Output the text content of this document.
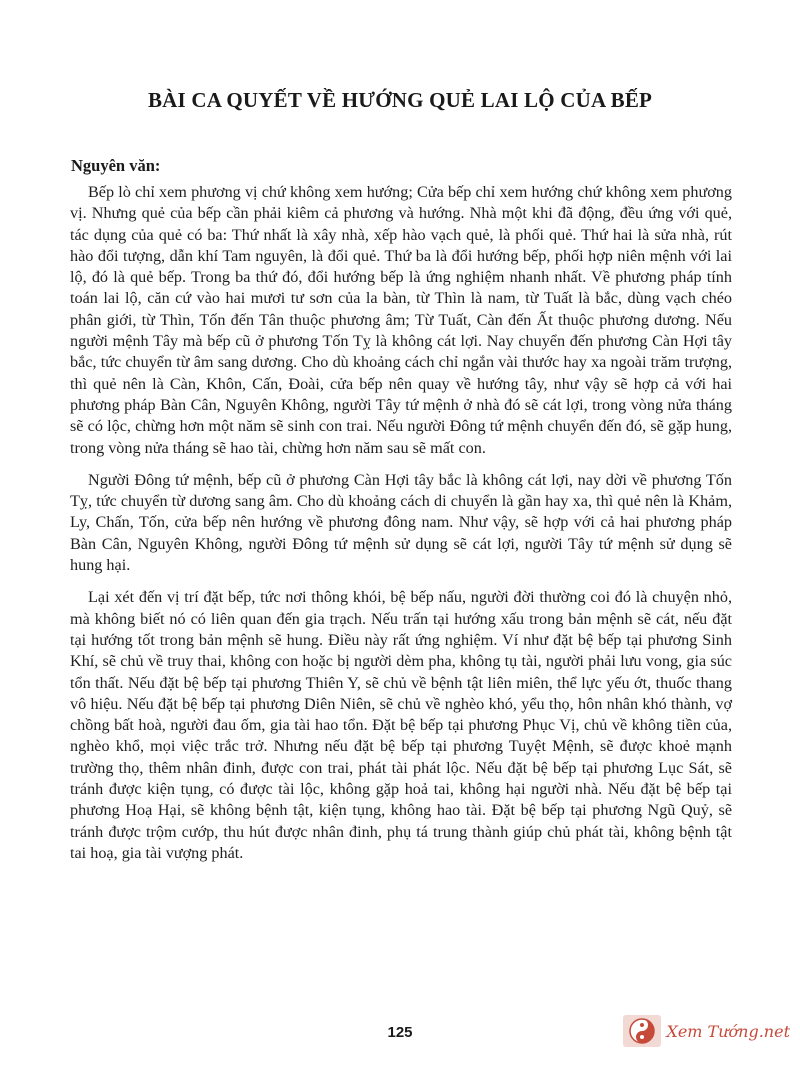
BÀI CA QUYẾT VỀ HƯỚNG QUẺ LAI LỘ CỦA BẾP
Nguyên văn:

Bếp lò chỉ xem phương vị chứ không xem hướng; Cửa bếp chỉ xem hướng chứ không xem phương vị. Nhưng quẻ của bếp cần phải kiêm cả phương và hướng. Nhà một khi đã động, đều ứng với quẻ, tác dụng của quẻ có ba: Thứ nhất là xây nhà, xếp hào vạch quẻ, là phối quẻ. Thứ hai là sửa nhà, rút hào đổi tượng, dẫn khí Tam nguyên, là đổi quẻ. Thứ ba là đổi hướng bếp, phối hợp niên mệnh với lai lộ, đó là quẻ bếp. Trong ba thứ đó, đổi hướng bếp là ứng nghiệm nhanh nhất. Về phương pháp tính toán lai lộ, căn cứ vào hai mươi tư sơn của la bàn, từ Thìn là nam, từ Tuất là bắc, dùng vạch chéo phân giới, từ Thìn, Tốn đến Tân thuộc phương âm; Từ Tuất, Càn đến Ất thuộc phương dương. Nếu người mệnh Tây mà bếp cũ ở phương Tốn Tỵ là không cát lợi. Nay chuyển đến phương Càn Hợi tây bắc, tức chuyển từ âm sang dương. Cho dù khoảng cách chỉ ngắn vài thước hay xa ngoài trăm trượng, thì quẻ nên là Càn, Khôn, Cấn, Đoài, cửa bếp nên quay về hướng tây, như vậy sẽ hợp cả với hai phương pháp Bàn Cân, Nguyên Không, người Tây tứ mệnh ở nhà đó sẽ cát lợi, trong vòng nửa tháng sẽ có lộc, chừng hơn một năm sẽ sinh con trai. Nếu người Đông tứ mệnh chuyển đến đó, sẽ gặp hung, trong vòng nửa tháng sẽ hao tài, chừng hơn năm sau sẽ mất con.

Người Đông tứ mệnh, bếp cũ ở phương Càn Hợi tây bắc là không cát lợi, nay dời về phương Tốn Tỵ, tức chuyển từ dương sang âm. Cho dù khoảng cách di chuyển là gần hay xa, thì quẻ nên là Khảm, Ly, Chấn, Tốn, cửa bếp nên hướng về phương đông nam. Như vậy, sẽ hợp với cả hai phương pháp Bàn Cân, Nguyên Không, người Đông tứ mệnh sử dụng sẽ cát lợi, người Tây tứ mệnh sử dụng sẽ hung hại.

Lại xét đến vị trí đặt bếp, tức nơi thông khói, bệ bếp nấu, người đời thường coi đó là chuyện nhỏ, mà không biết nó có liên quan đến gia trạch. Nếu trấn tại hướng xấu trong bản mệnh sẽ cát, nếu đặt tại hướng tốt trong bản mệnh sẽ hung. Điều này rất ứng nghiệm. Ví như đặt bệ bếp tại phương Sinh Khí, sẽ chủ về truy thai, không con hoặc bị người dèm pha, không tụ tài, người phải lưu vong, gia súc tổn thất. Nếu đặt bệ bếp tại phương Thiên Y, sẽ chủ về bệnh tật liên miên, thể lực yếu ớt, thuốc thang vô hiệu. Nếu đặt bệ bếp tại phương Diên Niên, sẽ chủ về nghèo khó, yểu thọ, hôn nhân khó thành, vợ chồng bất hoà, người đau ốm, gia tài hao tổn. Đặt bệ bếp tại phương Phục Vị, chủ về không tiền của, nghèo khổ, mọi việc trắc trở. Nhưng nếu đặt bệ bếp tại phương Tuyệt Mệnh, sẽ được khoẻ mạnh trường thọ, thêm nhân đinh, được con trai, phát tài phát lộc. Nếu đặt bệ bếp tại phương Lục Sát, sẽ tránh được kiện tụng, có được tài lộc, không gặp hoả tai, không hại người nhà. Nếu đặt bệ bếp tại phương Hoạ Hại, sẽ không bệnh tật, kiện tụng, không hao tài. Đặt bệ bếp tại phương Ngũ Quỷ, sẽ tránh được trộm cướp, thu hút được nhân đinh, phụ tá trung thành giúp chủ phát tài, không bệnh tật tai hoạ, gia tài vượng phát.

125	Xem Tướng.net
